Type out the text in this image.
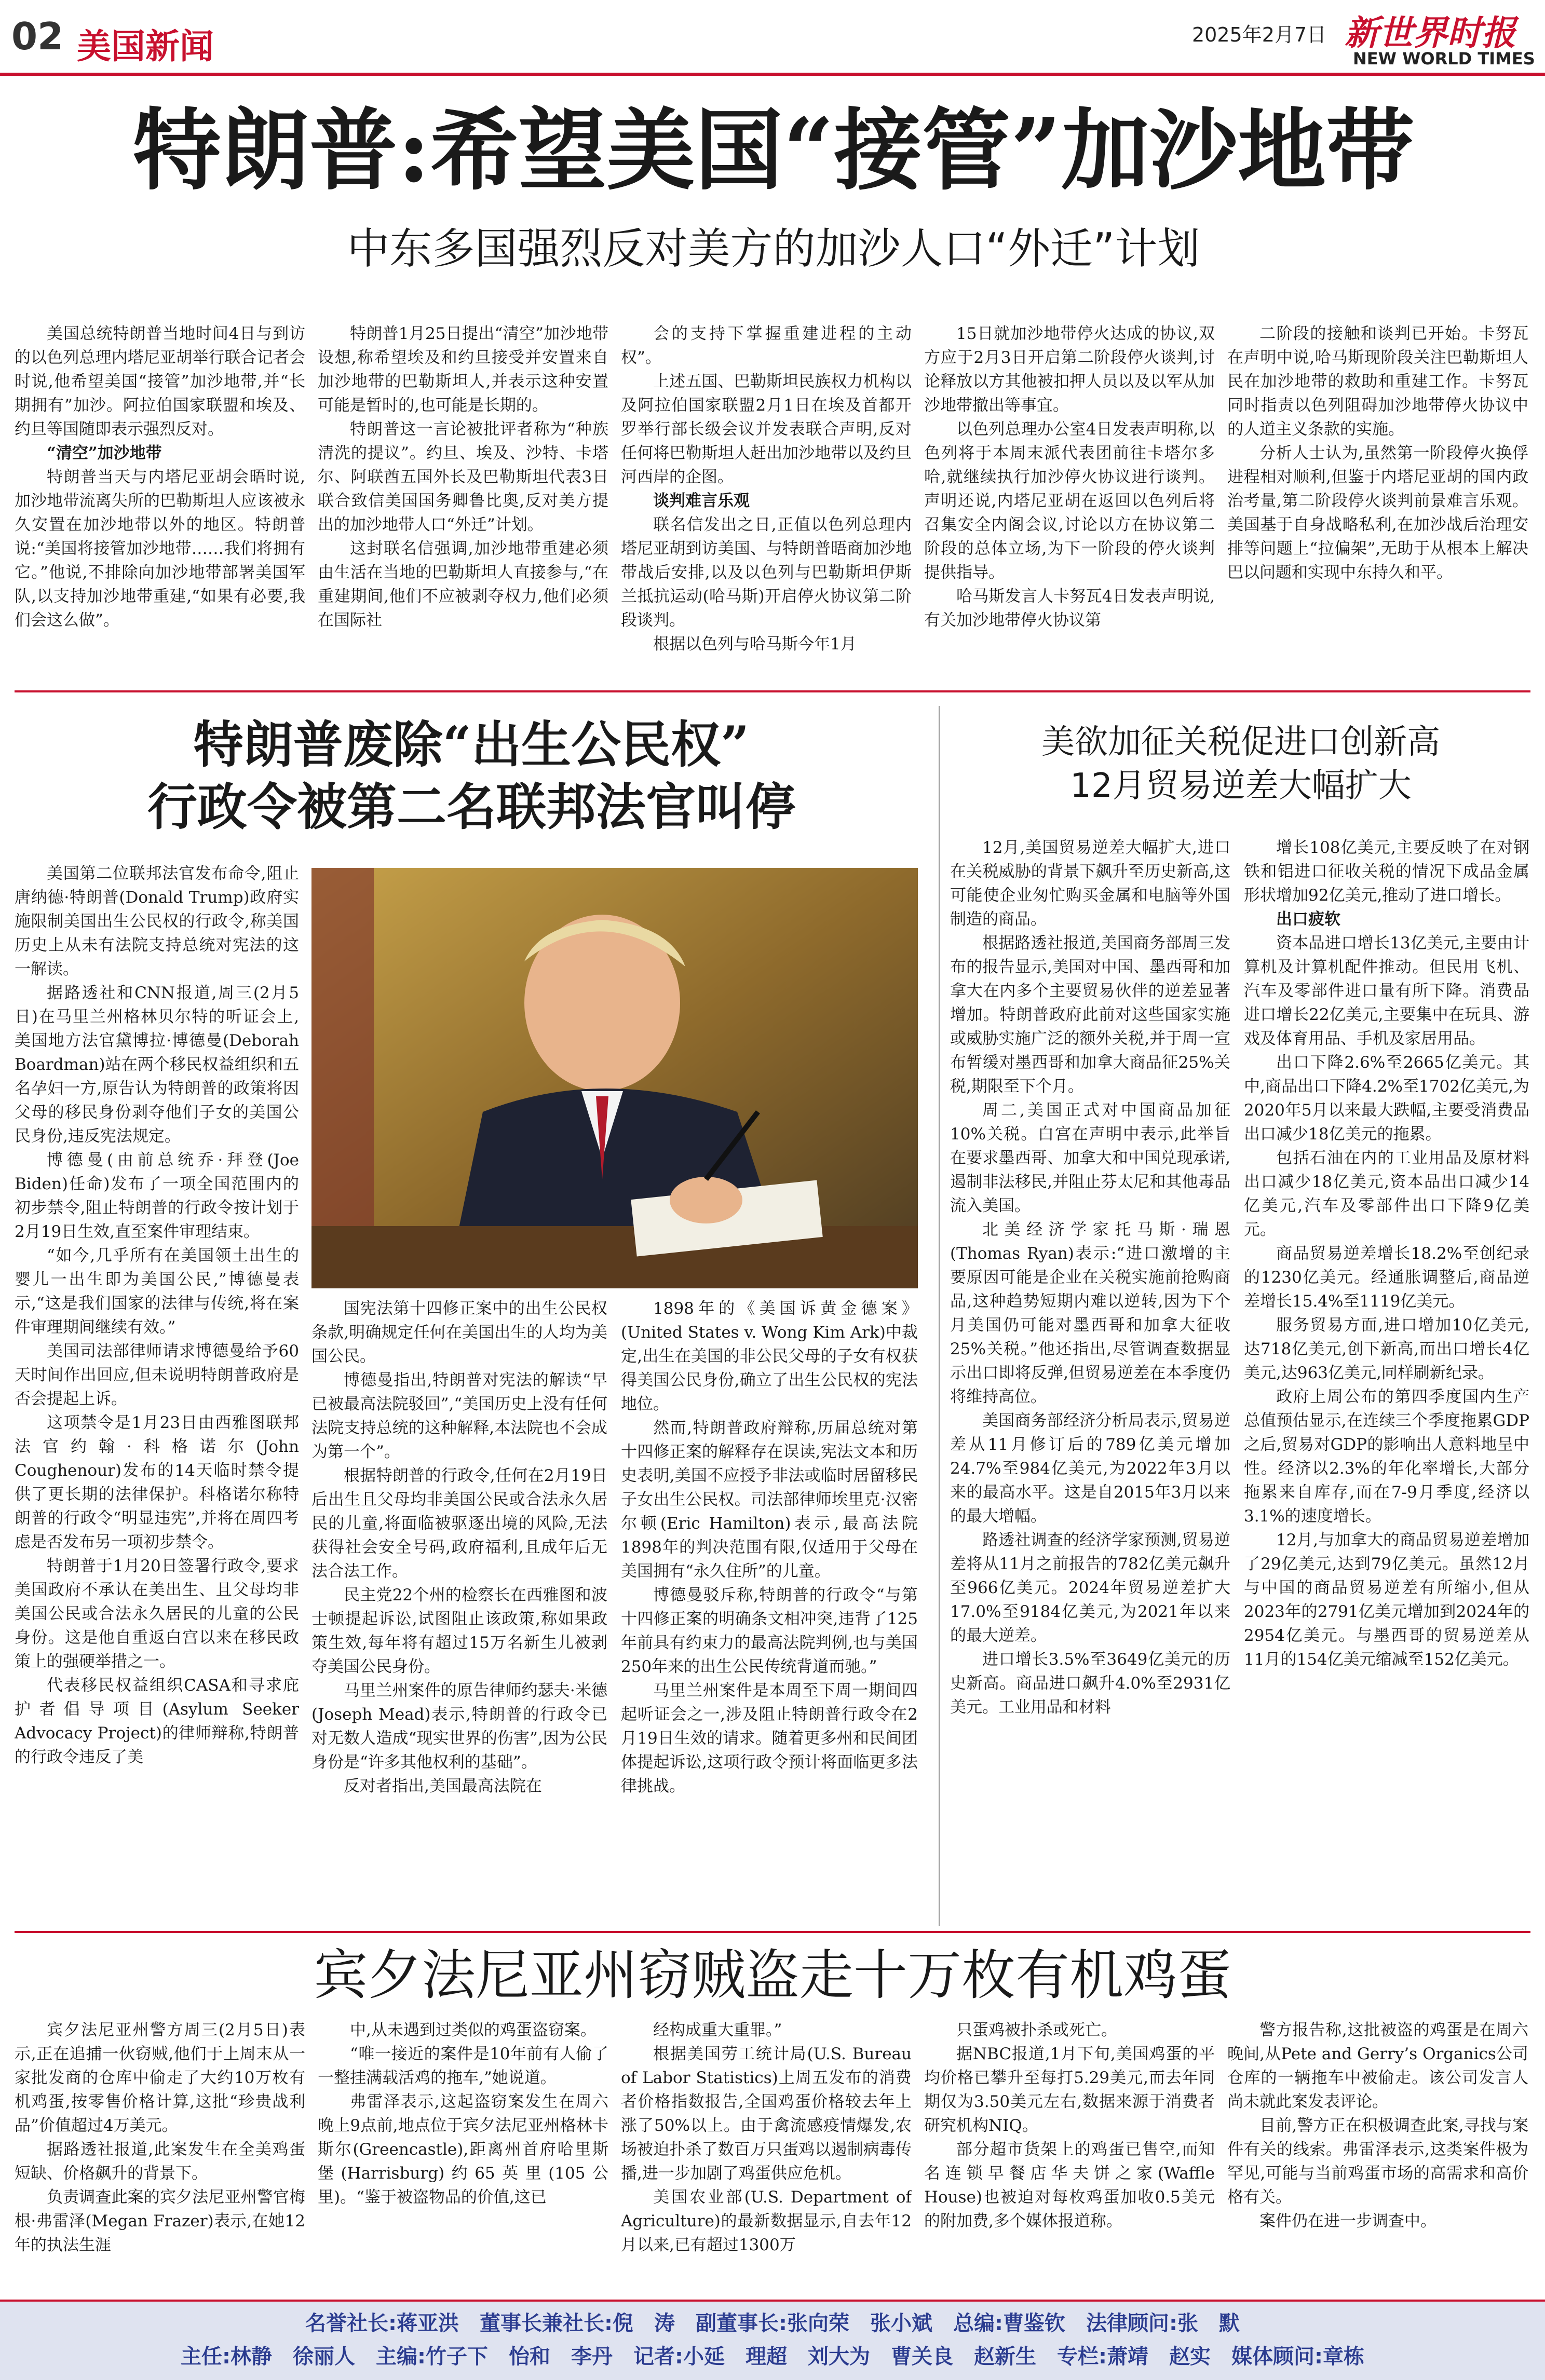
02 美国新闻	2025年2月7日 新世界时报
NEW WORLD TIMES
特朗普:希望美国“接管”加沙地带
中东多国强烈反对美方的加沙人口“外迁”计划

美国总统特朗普当地时间4日与到访的以色列总理内塔尼亚胡举行联合记者会时说,他希望美国“接管”加沙地带,并“长期拥有”加沙。阿拉伯国家联盟和埃及、约旦等国随即表示强烈反对。

“清空”加沙地带

特朗普当天与内塔尼亚胡会晤时说,加沙地带流离失所的巴勒斯坦人应该被永久安置在加沙地带以外的地区。特朗普说:“美国将接管加沙地带……我们将拥有它。”他说,不排除向加沙地带部署美国军队,以支持加沙地带重建,“如果有必要,我们会这么做”。

特朗普1月25日提出“清空”加沙地带设想,称希望埃及和约旦接受并安置来自加沙地带的巴勒斯坦人,并表示这种安置可能是暂时的,也可能是长期的。

特朗普这一言论被批评者称为“种族清洗的提议”。约旦、埃及、沙特、卡塔尔、阿联酋五国外长及巴勒斯坦代表3日联合致信美国国务卿鲁比奥,反对美方提出的加沙地带人口“外迁”计划。

这封联名信强调,加沙地带重建必须由生活在当地的巴勒斯坦人直接参与,“在重建期间,他们不应被剥夺权力,他们必须在国际社

会的支持下掌握重建进程的主动权”。

上述五国、巴勒斯坦民族权力机构以及阿拉伯国家联盟2月1日在埃及首都开罗举行部长级会议并发表联合声明,反对任何将巴勒斯坦人赶出加沙地带以及约旦河西岸的企图。

谈判难言乐观

联名信发出之日,正值以色列总理内塔尼亚胡到访美国、与特朗普晤商加沙地带战后安排,以及以色列与巴勒斯坦伊斯兰抵抗运动(哈马斯)开启停火协议第二阶段谈判。

根据以色列与哈马斯今年1月

15日就加沙地带停火达成的协议,双方应于2月3日开启第二阶段停火谈判,讨论释放以方其他被扣押人员以及以军从加沙地带撤出等事宜。

以色列总理办公室4日发表声明称,以色列将于本周末派代表团前往卡塔尔多哈,就继续执行加沙停火协议进行谈判。声明还说,内塔尼亚胡在返回以色列后将召集安全内阁会议,讨论以方在协议第二阶段的总体立场,为下一阶段的停火谈判提供指导。

哈马斯发言人卡努瓦4日发表声明说,有关加沙地带停火协议第

二阶段的接触和谈判已开始。卡努瓦在声明中说,哈马斯现阶段关注巴勒斯坦人民在加沙地带的救助和重建工作。卡努瓦同时指责以色列阻碍加沙地带停火协议中的人道主义条款的实施。

分析人士认为,虽然第一阶段停火换俘进程相对顺利,但鉴于内塔尼亚胡的国内政治考量,第二阶段停火谈判前景难言乐观。美国基于自身战略私利,在加沙战后治理安排等问题上“拉偏架”,无助于从根本上解决巴以问题和实现中东持久和平。

特朗普废除“出生公民权”
行政令被第二名联邦法官叫停

美国第二位联邦法官发布命令,阻止唐纳德·特朗普(Donald Trump)政府实施限制美国出生公民权的行政令,称美国历史上从未有法院支持总统对宪法的这一解读。

据路透社和CNN报道,周三(2月5日)在马里兰州格林贝尔特的听证会上,美国地方法官黛博拉·博德曼(Deborah Boardman)站在两个移民权益组织和五名孕妇一方,原告认为特朗普的政策将因父母的移民身份剥夺他们子女的美国公民身份,违反宪法规定。

博德曼(由前总统乔·拜登(Joe Biden)任命)发布了一项全国范围内的初步禁令,阻止特朗普的行政令按计划于2月19日生效,直至案件审理结束。

“如今,几乎所有在美国领土出生的婴儿一出生即为美国公民,”博德曼表示,“这是我们国家的法律与传统,将在案件审理期间继续有效。”

美国司法部律师请求博德曼给予60天时间作出回应,但未说明特朗普政府是否会提起上诉。

这项禁令是1月23日由西雅图联邦法官约翰·科格诺尔(John Coughenour)发布的14天临时禁令提供了更长期的法律保护。科格诺尔称特朗普的行政令“明显违宪”,并将在周四考虑是否发布另一项初步禁令。

特朗普于1月20日签署行政令,要求美国政府不承认在美出生、且父母均非美国公民或合法永久居民的儿童的公民身份。这是他自重返白宫以来在移民政策上的强硬举措之一。

代表移民权益组织CASA和寻求庇护者倡导项目(Asylum Seeker Advocacy Project)的律师辩称,特朗普的行政令违反了美

国宪法第十四修正案中的出生公民权条款,明确规定任何在美国出生的人均为美国公民。

博德曼指出,特朗普对宪法的解读“早已被最高法院驳回”,“美国历史上没有任何法院支持总统的这种解释,本法院也不会成为第一个”。

根据特朗普的行政令,任何在2月19日后出生且父母均非美国公民或合法永久居民的儿童,将面临被驱逐出境的风险,无法获得社会安全号码,政府福利,且成年后无法合法工作。

民主党22个州的检察长在西雅图和波士顿提起诉讼,试图阻止该政策,称如果政策生效,每年将有超过15万名新生儿被剥夺美国公民身份。

马里兰州案件的原告律师约瑟夫·米德(Joseph Mead)表示,特朗普的行政令已对无数人造成“现实世界的伤害”,因为公民身份是“许多其他权利的基础”。

反对者指出,美国最高法院在

1898年的《美国诉黄金德案》(United States v. Wong Kim Ark)中裁定,出生在美国的非公民父母的子女有权获得美国公民身份,确立了出生公民权的宪法地位。

然而,特朗普政府辩称,历届总统对第十四修正案的解释存在误读,宪法文本和历史表明,美国不应授予非法或临时居留移民子女出生公民权。司法部律师埃里克·汉密尔顿(Eric Hamilton)表示,最高法院1898年的判决范围有限,仅适用于父母在美国拥有“永久住所”的儿童。

博德曼驳斥称,特朗普的行政令“与第十四修正案的明确条文相冲突,违背了125年前具有约束力的最高法院判例,也与美国250年来的出生公民传统背道而驰。”

马里兰州案件是本周至下周一期间四起听证会之一,涉及阻止特朗普行政令在2月19日生效的请求。随着更多州和民间团体提起诉讼,这项行政令预计将面临更多法律挑战。

美欲加征关税促进口创新高
12月贸易逆差大幅扩大

12月,美国贸易逆差大幅扩大,进口在关税威胁的背景下飙升至历史新高,这可能使企业匆忙购买金属和电脑等外国制造的商品。

根据路透社报道,美国商务部周三发布的报告显示,美国对中国、墨西哥和加拿大在内多个主要贸易伙伴的逆差显著增加。特朗普政府此前对这些国家实施或威胁实施广泛的额外关税,并于周一宣布暂缓对墨西哥和加拿大商品征25%关税,期限至下个月。

周二,美国正式对中国商品加征10%关税。白宫在声明中表示,此举旨在要求墨西哥、加拿大和中国兑现承诺,遏制非法移民,并阻止芬太尼和其他毒品流入美国。

北美经济学家托马斯·瑞恩(Thomas Ryan)表示:“进口激增的主要原因可能是企业在关税实施前抢购商品,这种趋势短期内难以逆转,因为下个月美国仍可能对墨西哥和加拿大征收25%关税。”他还指出,尽管调查数据显示出口即将反弹,但贸易逆差在本季度仍将维持高位。

美国商务部经济分析局表示,贸易逆差从11月修订后的789亿美元增加24.7%至984亿美元,为2022年3月以来的最高水平。这是自2015年3月以来的最大增幅。

路透社调查的经济学家预测,贸易逆差将从11月之前报告的782亿美元飙升至966亿美元。2024年贸易逆差扩大17.0%至9184亿美元,为2021年以来的最大逆差。

进口增长3.5%至3649亿美元的历史新高。商品进口飙升4.0%至2931亿美元。工业用品和材料

增长108亿美元,主要反映了在对钢铁和铝进口征收关税的情况下成品金属形状增加92亿美元,推动了进口增长。

出口疲软

资本品进口增长13亿美元,主要由计算机及计算机配件推动。但民用飞机、汽车及零部件进口量有所下降。消费品进口增长22亿美元,主要集中在玩具、游戏及体育用品、手机及家居用品。

出口下降2.6%至2665亿美元。其中,商品出口下降4.2%至1702亿美元,为2020年5月以来最大跌幅,主要受消费品出口减少18亿美元的拖累。

包括石油在内的工业用品及原材料出口减少18亿美元,资本品出口减少14亿美元,汽车及零部件出口下降9亿美元。

商品贸易逆差增长18.2%至创纪录的1230亿美元。经通胀调整后,商品逆差增长15.4%至1119亿美元。

服务贸易方面,进口增加10亿美元,达718亿美元,创下新高,而出口增长4亿美元,达963亿美元,同样刷新纪录。

政府上周公布的第四季度国内生产总值预估显示,在连续三个季度拖累GDP之后,贸易对GDP的影响出人意料地呈中性。经济以2.3%的年化率增长,大部分拖累来自库存,而在7-9月季度,经济以3.1%的速度增长。

12月,与加拿大的商品贸易逆差增加了29亿美元,达到79亿美元。虽然12月与中国的商品贸易逆差有所缩小,但从2023年的2791亿美元增加到2024年的2954亿美元。与墨西哥的贸易逆差从11月的154亿美元缩减至152亿美元。

宾夕法尼亚州窃贼盗走十万枚有机鸡蛋

宾夕法尼亚州警方周三(2月5日)表示,正在追捕一伙窃贼,他们于上周末从一家批发商的仓库中偷走了大约10万枚有机鸡蛋,按零售价格计算,这批“珍贵战利品”价值超过4万美元。

据路透社报道,此案发生在全美鸡蛋短缺、价格飙升的背景下。

负责调查此案的宾夕法尼亚州警官梅根·弗雷泽(Megan Frazer)表示,在她12年的执法生涯

中,从未遇到过类似的鸡蛋盗窃案。

“唯一接近的案件是10年前有人偷了一整挂满载活鸡的拖车,”她说道。

弗雷泽表示,这起盗窃案发生在周六晚上9点前,地点位于宾夕法尼亚州格林卡斯尔(Greencastle),距离州首府哈里斯堡(Harrisburg)约65英里(105公里)。“鉴于被盗物品的价值,这已

经构成重大重罪。”

根据美国劳工统计局(U.S. Bureau of Labor Statistics)上周五发布的消费者价格指数报告,全国鸡蛋价格较去年上涨了50%以上。由于禽流感疫情爆发,农场被迫扑杀了数百万只蛋鸡以遏制病毒传播,进一步加剧了鸡蛋供应危机。

美国农业部(U.S. Department of Agriculture)的最新数据显示,自去年12月以来,已有超过1300万

只蛋鸡被扑杀或死亡。

据NBC报道,1月下旬,美国鸡蛋的平均价格已攀升至每打5.29美元,而去年同期仅为3.50美元左右,数据来源于消费者研究机构NIQ。

部分超市货架上的鸡蛋已售空,而知名连锁早餐店华夫饼之家(Waffle House)也被迫对每枚鸡蛋加收0.5美元的附加费,多个媒体报道称。

警方报告称,这批被盗的鸡蛋是在周六晚间,从Pete and Gerry’s Organics公司仓库的一辆拖车中被偷走。该公司发言人尚未就此案发表评论。

目前,警方正在积极调查此案,寻找与案件有关的线索。弗雷泽表示,这类案件极为罕见,可能与当前鸡蛋市场的高需求和高价格有关。

案件仍在进一步调查中。

名誉社长:蒋亚洪　董事长兼社长:倪　涛　副董事长:张向荣　张小斌　总编:曹鉴钦　法律顾问:张　默
主任:林静　徐丽人　主编:竹子下　怡和　李丹　记者:小延　理超　刘大为　曹关良　赵新生　专栏:萧靖　赵实　媒体顾问:章栋
